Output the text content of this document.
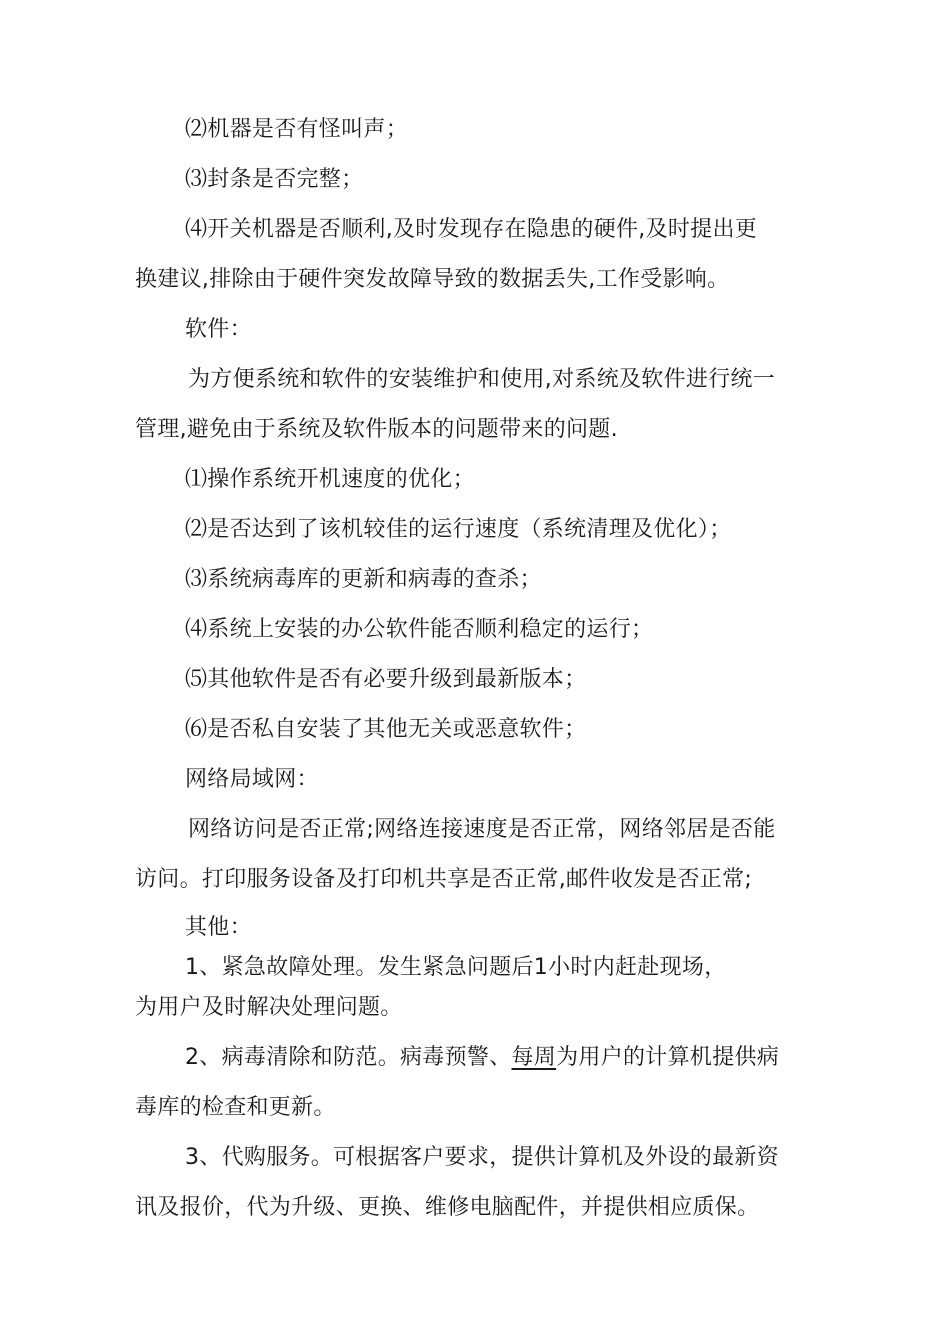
⑵机器是否有怪叫声；
⑶封条是否完整；
⑷开关机器是否顺利,及时发现存在隐患的硬件,及时提出更
换建议,排除由于硬件突发故障导致的数据丢失,工作受影响。
软件：
为方便系统和软件的安装维护和使用,对系统及软件进行统一
管理,避免由于系统及软件版本的问题带来的问题.
⑴操作系统开机速度的优化；
⑵是否达到了该机较佳的运行速度（系统清理及优化）；
⑶系统病毒库的更新和病毒的查杀；
⑷系统上安装的办公软件能否顺利稳定的运行；
⑸其他软件是否有必要升级到最新版本；
⑹是否私自安装了其他无关或恶意软件；
网络局域网：
网络访问是否正常;网络连接速度是否正常，网络邻居是否能
访问。打印服务设备及打印机共享是否正常,邮件收发是否正常;
其他：
1、紧急故障处理。发生紧急问题后1小时内赶赴现场，
为用户及时解决处理问题。
2、病毒清除和防范。病毒预警、每周为用户的计算机提供病
毒库的检查和更新。
3、代购服务。可根据客户要求，提供计算机及外设的最新资
讯及报价，代为升级、更换、维修电脑配件，并提供相应质保。
